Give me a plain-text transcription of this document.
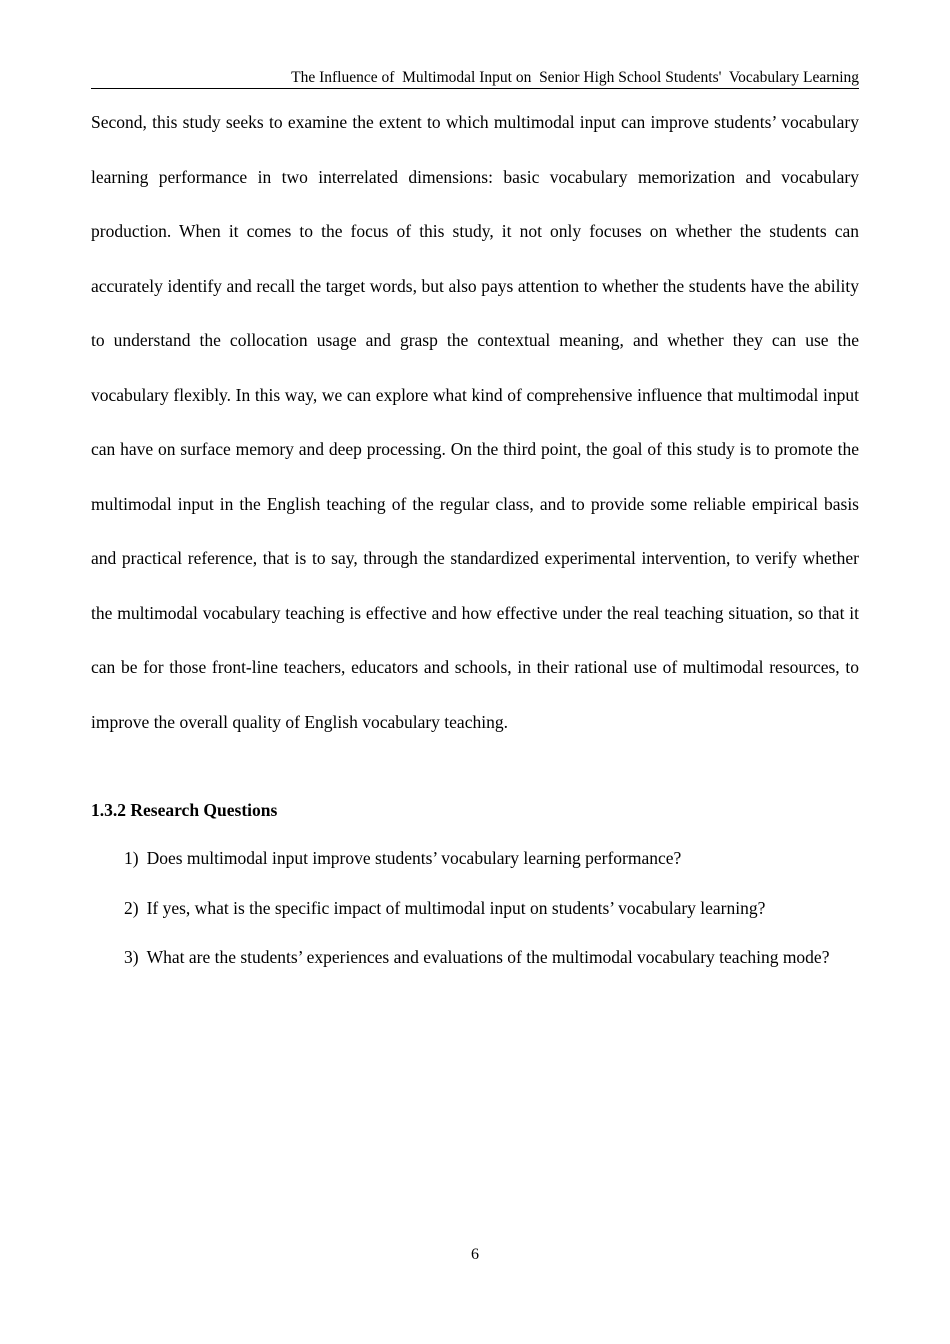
The Influence of  Multimodal Input on  Senior High School Students'  Vocabulary Learning

Second, this study seeks to examine the extent to which multimodal input can improve students’ vocabulary learning performance in two interrelated dimensions: basic vocabulary memorization and vocabulary production. When it comes to the focus of this study, it not only focuses on whether the students can accurately identify and recall the target words, but also pays attention to whether the students have the ability to understand the collocation usage and grasp the contextual meaning, and whether they can use the vocabulary flexibly. In this way, we can explore what kind of comprehensive influence that multimodal input can have on surface memory and deep processing. On the third point, the goal of this study is to promote the multimodal input in the English teaching of the regular class, and to provide some reliable empirical basis and practical reference, that is to say, through the standardized experimental intervention, to verify whether the multimodal vocabulary teaching is effective and how effective under the real teaching situation, so that it can be for those front-line teachers, educators and schools, in their rational use of multimodal resources, to improve the overall quality of English vocabulary teaching.

1.3.2 Research Questions

1) Does multimodal input improve students’ vocabulary learning performance?

2) If yes, what is the specific impact of multimodal input on students’ vocabulary learning?

3) What are the students’ experiences and evaluations of the multimodal vocabulary teaching mode?

6
